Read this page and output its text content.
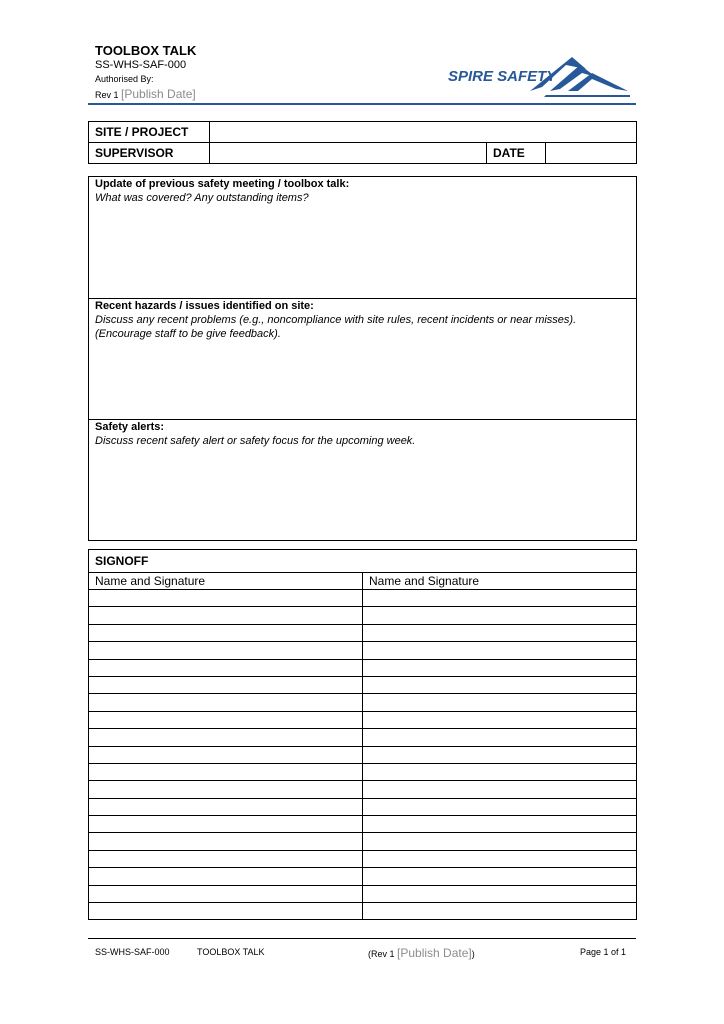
TOOLBOX TALK
SS-WHS-SAF-000
Authorised By:
Rev 1 [Publish Date]
SPIRE SAFETY
SITE / PROJECT			
SUPERVISOR		DATE	
Update of previous safety meeting / toolbox talk:
What was covered? Any outstanding items?
Recent hazards / issues identified on site:
Discuss any recent problems (e.g., noncompliance with site rules, recent incidents or near misses).
(Encourage staff to be give feedback).
Safety alerts:
Discuss recent safety alert or safety focus for the upcoming week.
SIGNOFF	
Name and Signature	Name and Signature

SS-WHS-SAF-000	TOOLBOX TALK	(Rev 1 [Publish Date])	Page 1 of 1
